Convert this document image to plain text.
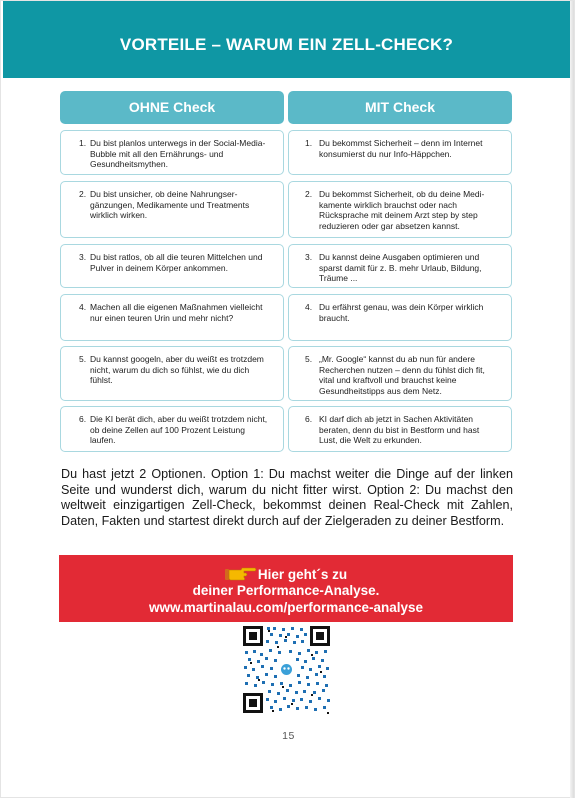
VORTEILE – WARUM EIN ZELL-CHECK?
OHNE Check	MIT Check
1. Du bist planlos unterwegs in der Social-Media-Bubble mit all den Ernährungs- und Gesundheitsmythen.
1. Du bekommst Sicherheit – denn im Internet konsumierst du nur Info-Häppchen.
2. Du bist unsicher, ob deine Nahrungser-gänzungen, Medikamente und Treatments wirklich wirken.
2. Du bekommst Sicherheit, ob du deine Medi-kamente wirklich brauchst oder nach Rücksprache mit deinem Arzt step by step reduzieren oder gar absetzen kannst.
3. Du bist ratlos, ob all die teuren Mittelchen und Pulver in deinem Körper ankommen.
3. Du kannst deine Ausgaben optimieren und sparst damit für z. B. mehr Urlaub, Bildung, Träume ...
4. Machen all die eigenen Maßnahmen vielleicht nur einen teuren Urin und mehr nicht?
4. Du erfährst genau, was dein Körper wirklich braucht.
5. Du kannst googeln, aber du weißt es trotzdem nicht, warum du dich so fühlst, wie du dich fühlst.
5. „Mr. Google“ kannst du ab nun für andere Recherchen nutzen – denn du fühlst dich fit, vital und kraftvoll und brauchst keine Gesundheitstipps aus dem Netz.
6. Die KI berät dich, aber du weißt trotzdem nicht, ob deine Zellen auf 100 Prozent Leistung laufen.
6. KI darf dich ab jetzt in Sachen Aktivitäten beraten, denn du bist in Bestform und hast Lust, die Welt zu erkunden.

Du hast jetzt 2 Optionen. Option 1: Du machst weiter die Dinge auf der linken Seite und wunderst dich, warum du nicht fitter wirst. Option 2: Du machst den weltweit einzigartigen Zell-Check, bekommst deinen Real-Check mit Zahlen, Daten, Fakten und startest direkt durch auf der Zielgeraden zu deiner Bestform.

Hier geht´s zu
deiner Performance-Analyse.
www.martinalau.com/performance-analyse
15
